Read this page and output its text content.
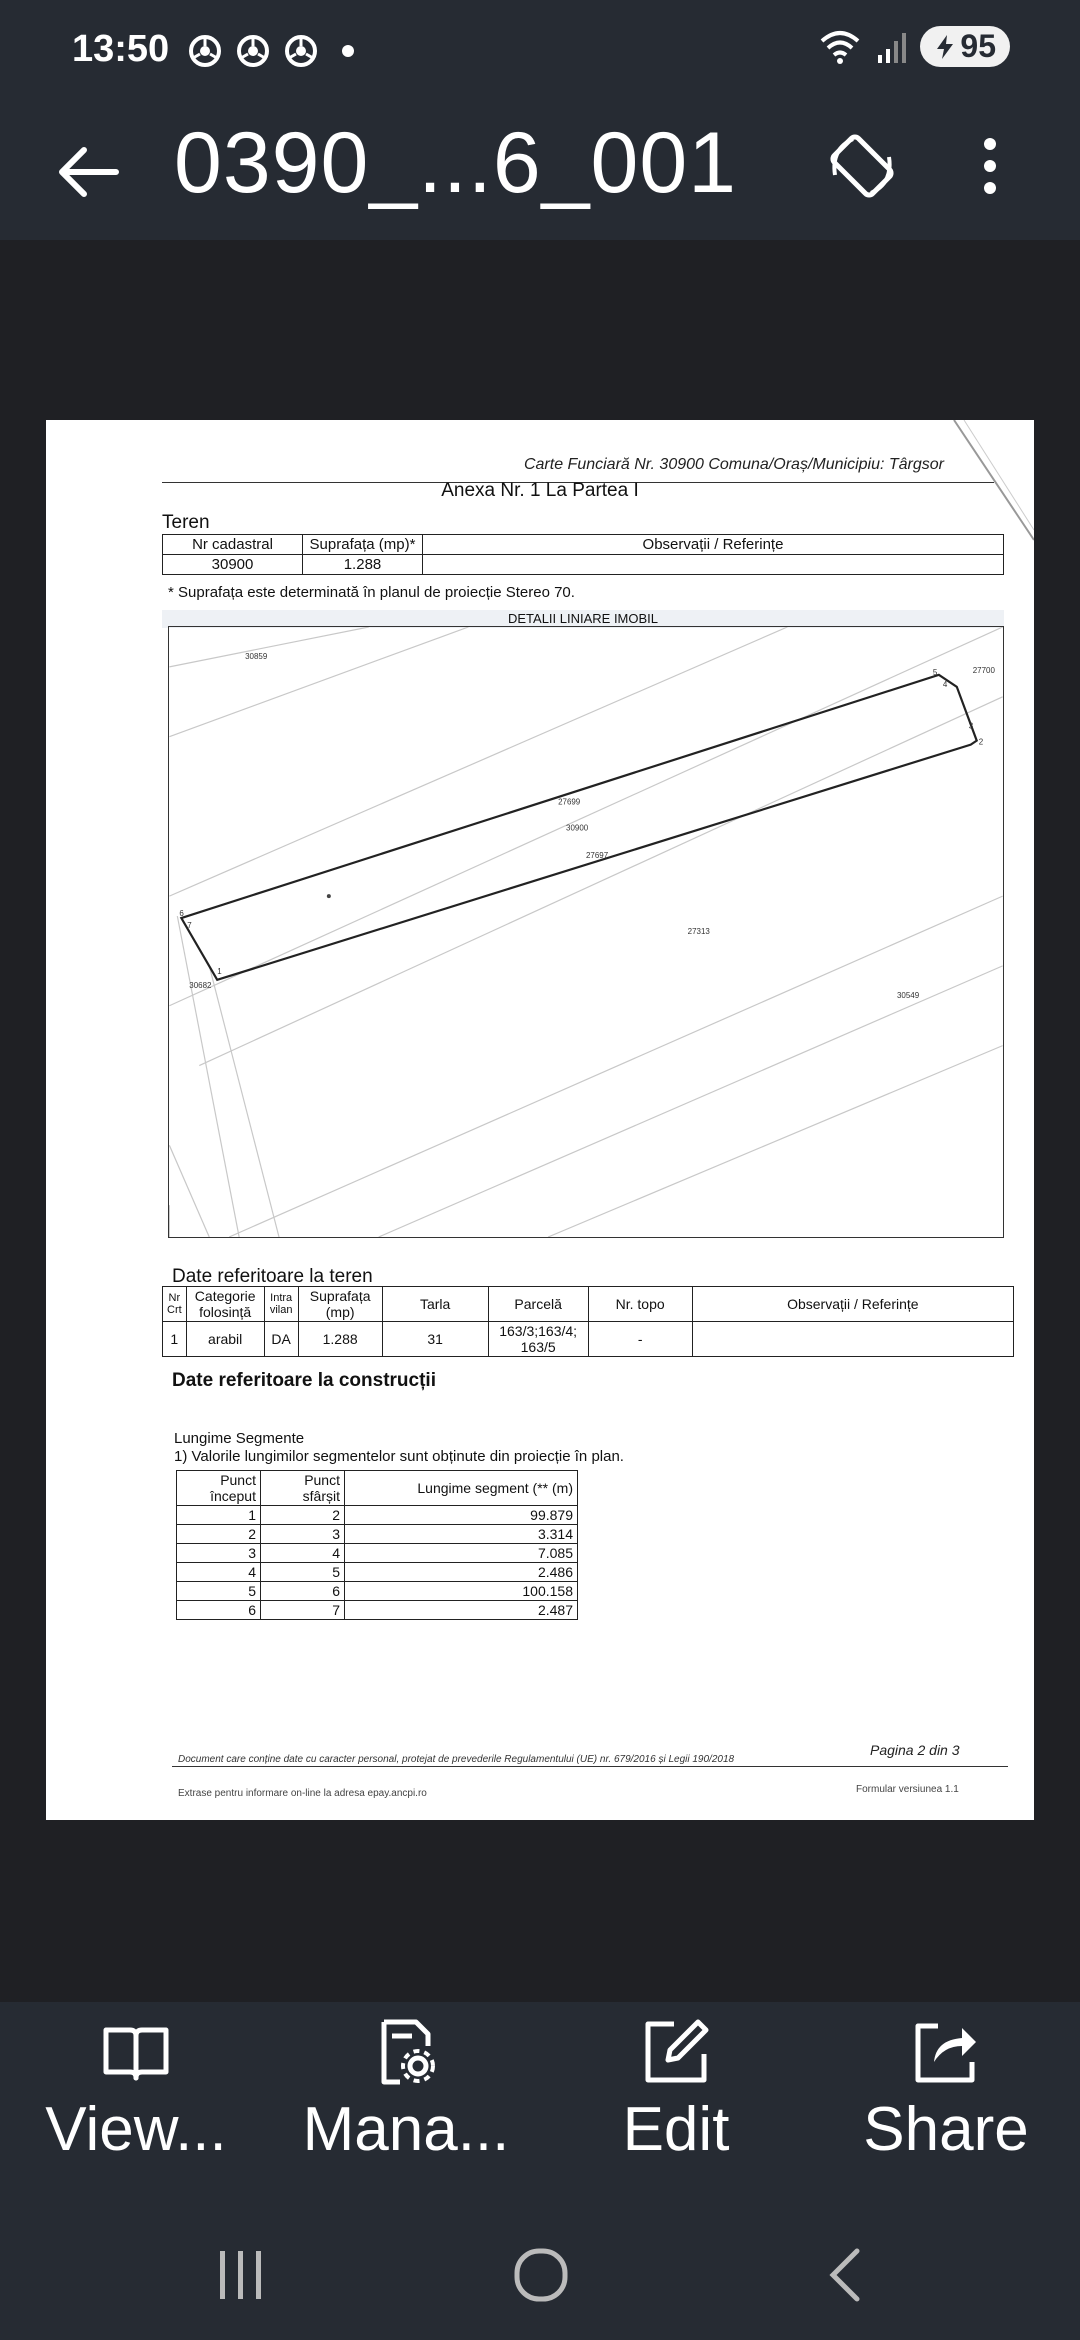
13:50	95
0390_...6_001
Carte Funciară Nr. 30900 Comuna/Oraș/Municipiu: Târgsor
Anexa Nr. 1 La Partea I
Teren
Nr cadastral	Suprafața (mp)*	Observații / Referințe
30900	1.288	
* Suprafața este determinată în planul de proiecție Stereo 70.
DETALII LINIARE IMOBIL
30859
27700
27699
30900
27697
27313
30682
30549
1
2
3
4
5
6
7
Date referitoare la teren
Nr Crt	Categorie folosință	Intra vilan	Suprafața (mp)	Tarla	Parcelă	Nr. topo	Observații / Referințe
1	arabil	DA	1.288	31	163/3;163/4; 163/5	-	
Date referitoare la construcții
Lungime Segmente
1) Valorile lungimilor segmentelor sunt obținute din proiecție în plan.
Punct început	Punct sfârșit	Lungime segment (** (m)
1	2	99.879
2	3	3.314
3	4	7.085
4	5	2.486
5	6	100.158
6	7	2.487
Document care conține date cu caracter personal, protejat de prevederile Regulamentului (UE) nr. 679/2016 și Legii 190/2018
Pagina 2 din 3
Extrase pentru informare on-line la adresa epay.ancpi.ro	Formular versiunea 1.1
View...	Mana...	Edit	Share
